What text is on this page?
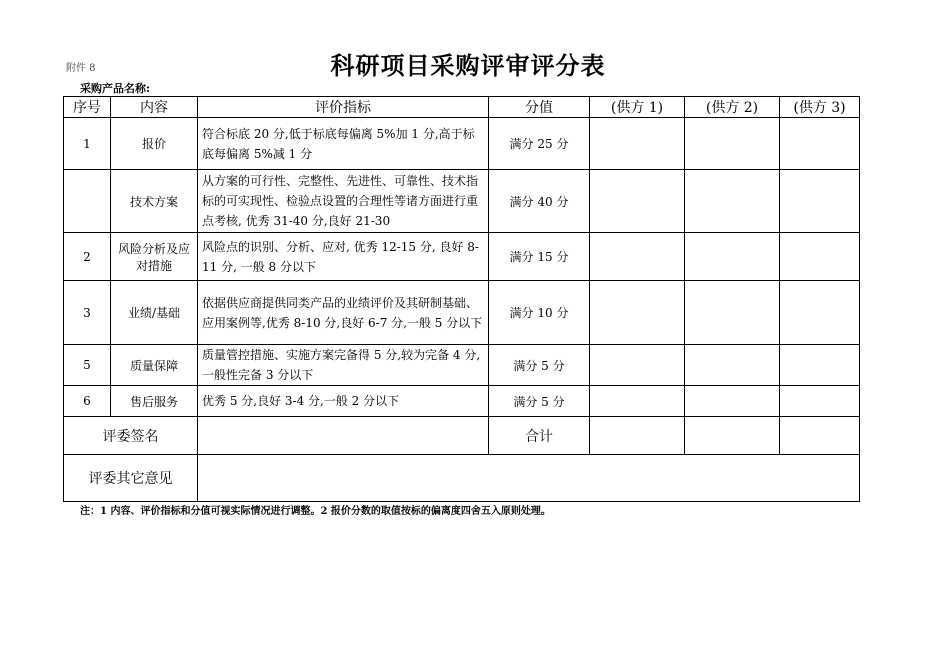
附件 8	科研项目采购评审评分表
采购产品名称:
序号	内容	评价指标	分值	(供方 1)	(供方 2)	(供方 3)
1	报价	符合标底 20 分,低于标底每偏离 5%加 1 分,高于标底每偏离 5%减 1 分	满分 25 分			
	技术方案	从方案的可行性、完整性、先进性、可靠性、技术指标的可实现性、检验点设置的合理性等诸方面进行重点考核, 优秀 31-40 分,良好 21-30	满分 40 分			
2	风险分析及应对措施	风险点的识别、分析、应对, 优秀 12-15 分, 良好 8-11 分, 一般 8 分以下	满分 15 分			
3	业绩/基础	依据供应商提供同类产品的业绩评价及其研制基础、应用案例等,优秀 8-10 分,良好 6-7 分,一般 5 分以下	满分 10 分			
5	质量保障	质量管控措施、实施方案完备得 5 分,较为完备 4 分,一般性完备 3 分以下	满分 5 分			
6	售后服务	优秀 5 分,良好 3-4 分,一般 2 分以下	满分 5 分			
评委签名			合计			
评委其它意见						
注：1 内容、评价指标和分值可视实际情况进行调整。2 报价分数的取值按标的偏离度四舍五入原则处理。
